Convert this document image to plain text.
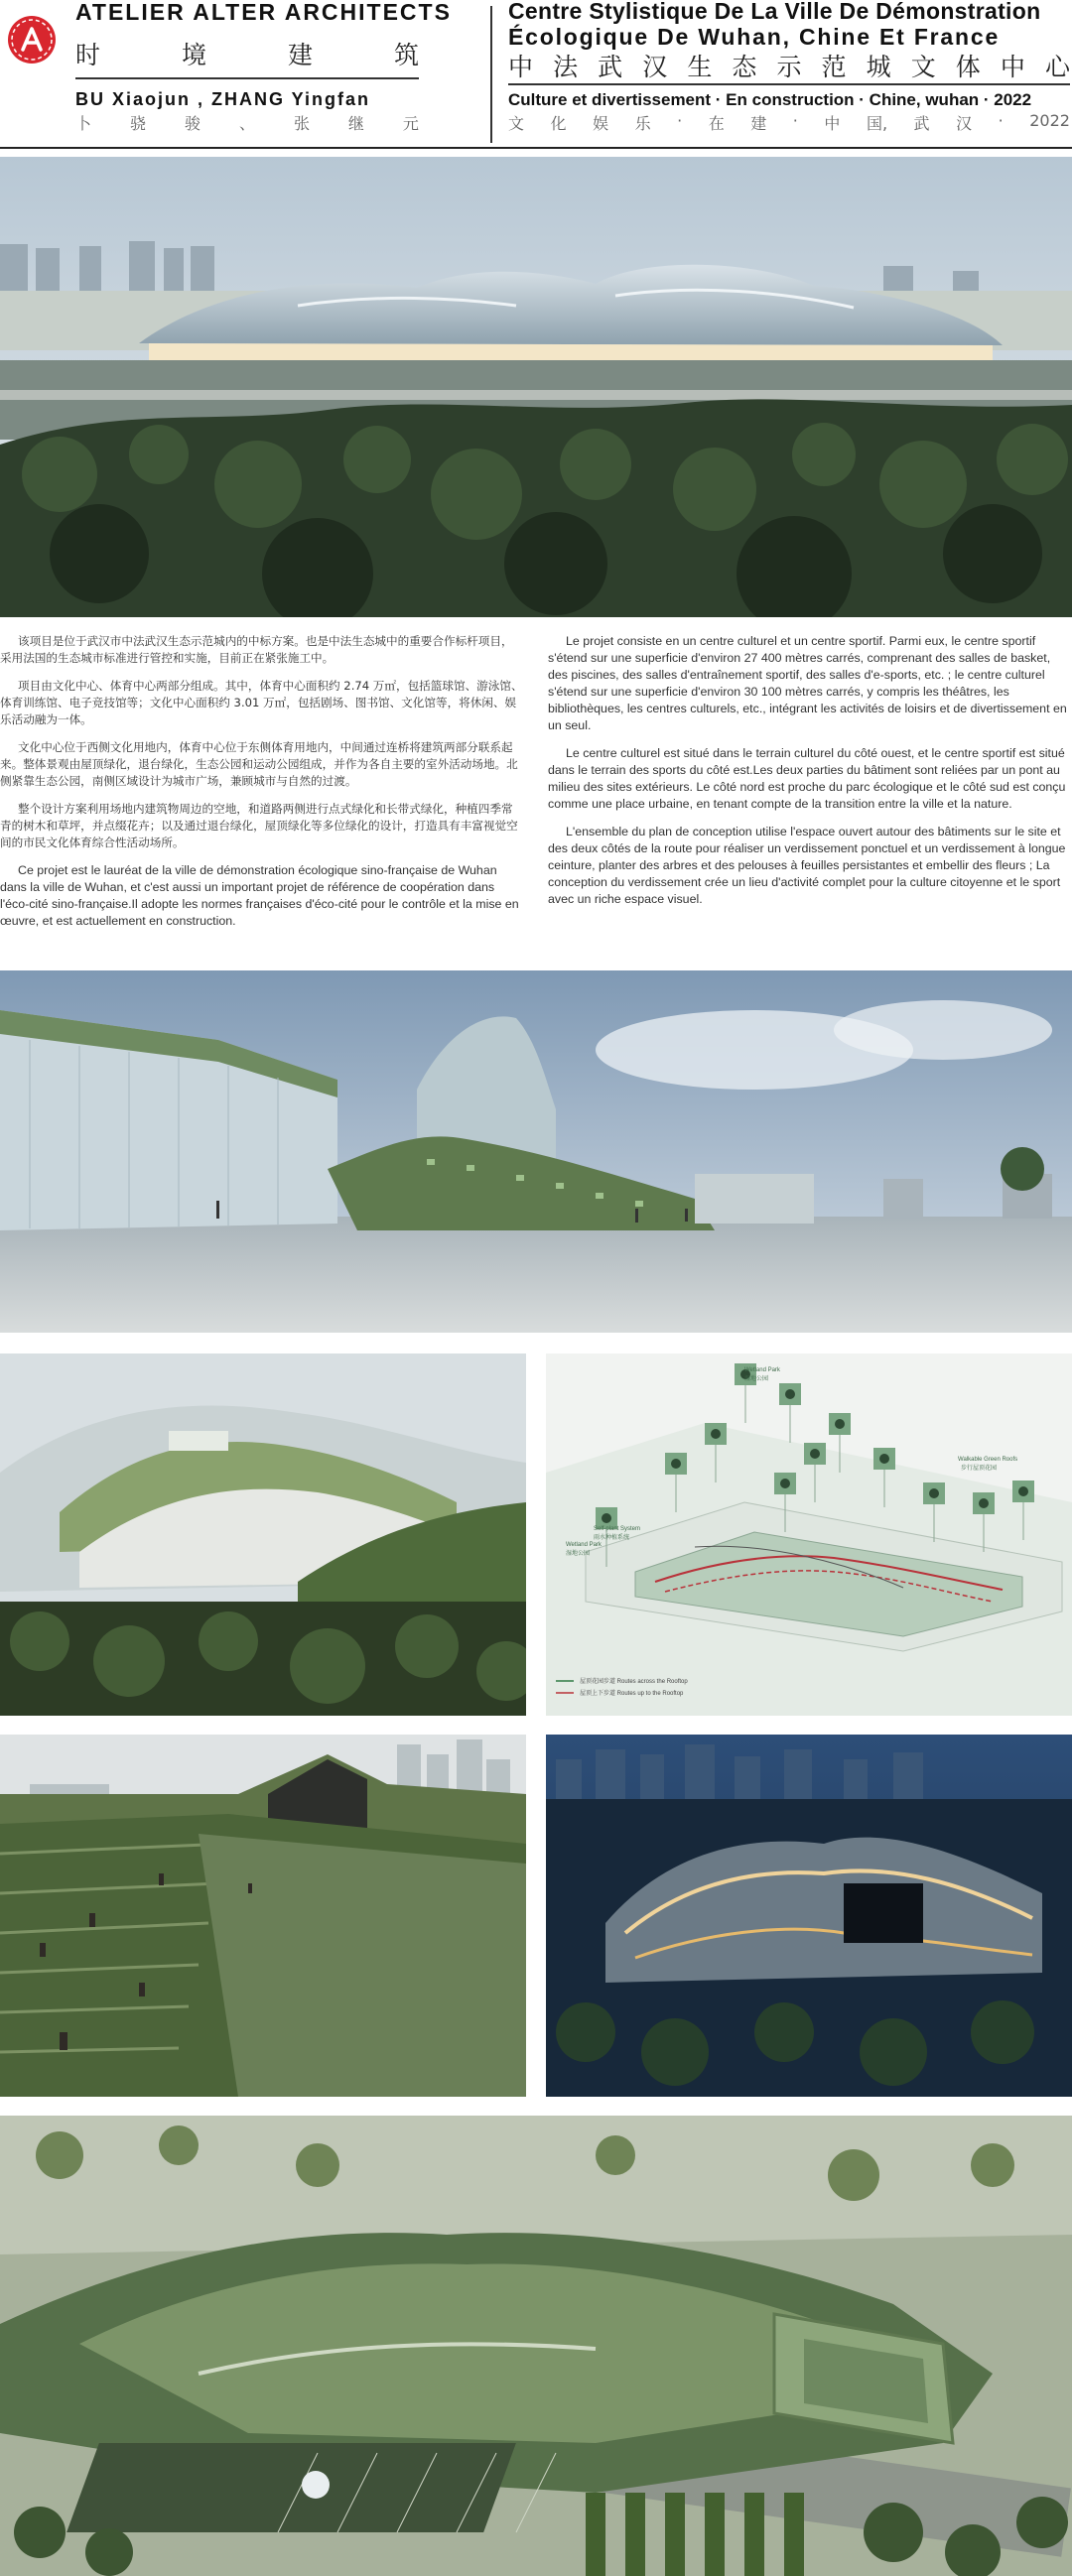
ATELIER ALTER ARCHITECTS
时	境	建	筑
BU Xiaojun , ZHANG Yingfan
卜 骁 骏 、 张 继 元
Centre Stylistique De La Ville De Démonstration
Écologique De Wuhan, Chine Et France
中 法 武 汉 生 态 示 范 城 文 体 中 心
Culture et divertissement · En construction · Chine, wuhan · 2022
文 化 娱 乐 · 在 建 · 中 国, 武 汉 · 2022

该项目是位于武汉市中法武汉生态示范城内的中标方案。也是中法生态城中的重要合作标杆项目，采用法国的生态城市标准进行管控和实施，目前正在紧张施工中。

项目由文化中心、体育中心两部分组成。其中，体育中心面积约 2.74 万㎡，包括篮球馆、游泳馆、体育训练馆、电子竞技馆等；文化中心面积约 3.01 万㎡，包括剧场、图书馆、文化馆等，将休闲、娱乐活动融为一体。

文化中心位于西侧文化用地内，体育中心位于东侧体育用地内，中间通过连桥将建筑两部分联系起来。整体景观由屋顶绿化，退台绿化，生态公园和运动公园组成，并作为各自主要的室外活动场地。北侧紧靠生态公园，南侧区域设计为城市广场，兼顾城市与自然的过渡。

整个设计方案利用场地内建筑物周边的空地，和道路两侧进行点式绿化和长带式绿化，种植四季常青的树木和草坪，并点缀花卉；以及通过退台绿化，屋顶绿化等多位绿化的设计，打造具有丰富视觉空间的市民文化体育综合性活动场所。

Ce projet est le lauréat de la ville de démonstration écologique sino-française de Wuhan dans la ville de Wuhan, et c'est aussi un important projet de référence de coopération dans l'éco-cité sino-française.Il adopte les normes françaises d'éco-cité pour le contrôle et la mise en œuvre, et est actuellement en construction.

Le projet consiste en un centre culturel et un centre sportif. Parmi eux, le centre sportif s'étend sur une superficie d'environ 27 400 mètres carrés, comprenant des salles de basket, des piscines, des salles d'entraînement sportif, des salles d'e-sports, etc. ; le centre culturel s'étend sur une superficie d'environ 30 100 mètres carrés, y compris les théâtres, les bibliothèques, les centres culturels, etc., intégrant les activités de loisirs et de divertissement en un seul.

Le centre culturel est situé dans le terrain culturel du côté ouest, et le centre sportif est situé dans le terrain des sports du côté est.Les deux parties du bâtiment sont reliées par un pont au milieu des sites extérieurs. Le côté nord est proche du parc écologique et le côté sud est conçu comme une place urbaine, en tenant compte de la transition entre la ville et la nature.

L'ensemble du plan de conception utilise l'espace ouvert autour des bâtiments sur le site et des deux côtés de la route pour réaliser un verdissement ponctuel et un verdissement à longue ceinture, planter des arbres et des pelouses à feuilles persistantes et embellir des fleurs ; La conception du verdissement crée un lieu d'activité complet pour la culture citoyenne et le sport avec un riche espace visuel.

Wetland Park
湿地公园
Walkable Green Roofs
步行屋顶花园
Self-plant System
雨水种植系统
Wetland Park
湿地公园
屋顶花园步道 Routes across the Rooftop
屋顶上下步道 Routes up to the Rooftop
